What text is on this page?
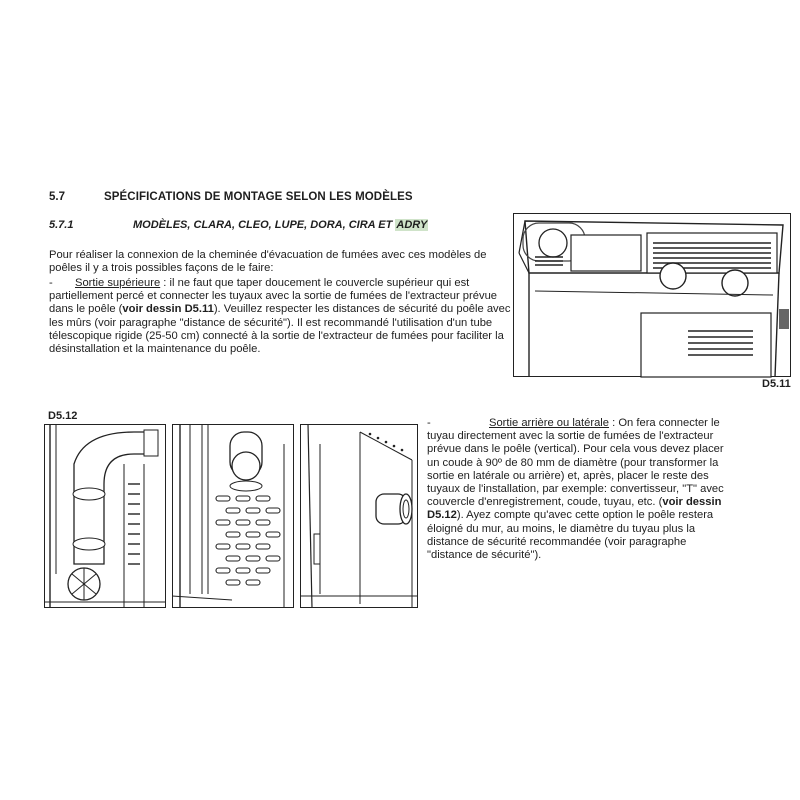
5.7	SPÉCIFICATIONS DE MONTAGE SELON LES MODÈLES
5.7.1	MODÈLES, CLARA, CLEO, LUPE, DORA, CIRA ET ADRY
Pour réaliser la connexion de la cheminée d'évacuation de fumées avec ces modèles de poêles il y a trois possibles façons de le faire:
- Sortie supérieure : il ne faut que taper doucement le couvercle supérieur qui est partiellement percé et connecter les tuyaux avec la sortie de fumées de l'extracteur prévue dans le poêle (voir dessin D5.11). Veuillez respecter les distances de sécurité du poêle avec les mûrs (voir paragraphe "distance de sécurité"). Il est recommandé l'utilisation d'un tube télescopique rigide (25-50 cm) connecté à la sortie de l'extracteur de fumées pour faciliter la désinstallation et la maintenance du poêle.
D5.11
D5.12
-	Sortie arrière ou latérale : On fera connecter le tuyau directement avec la sortie de fumées de l'extracteur prévue dans le poêle (vertical). Pour cela vous devez placer un coude à 90º de 80 mm de diamètre (pour transformer la sortie en latérale ou arrière) et, après, placer le reste des tuyaux de l'installation, par exemple: convertisseur, "T" avec couvercle d'enregistrement, coude, tuyau, etc. (voir dessin D5.12). Ayez compte qu'avec cette option le poêle restera éloigné du mur, au moins, le diamètre du tuyau plus la distance de sécurité recommandée (voir paragraphe "distance de sécurité").
